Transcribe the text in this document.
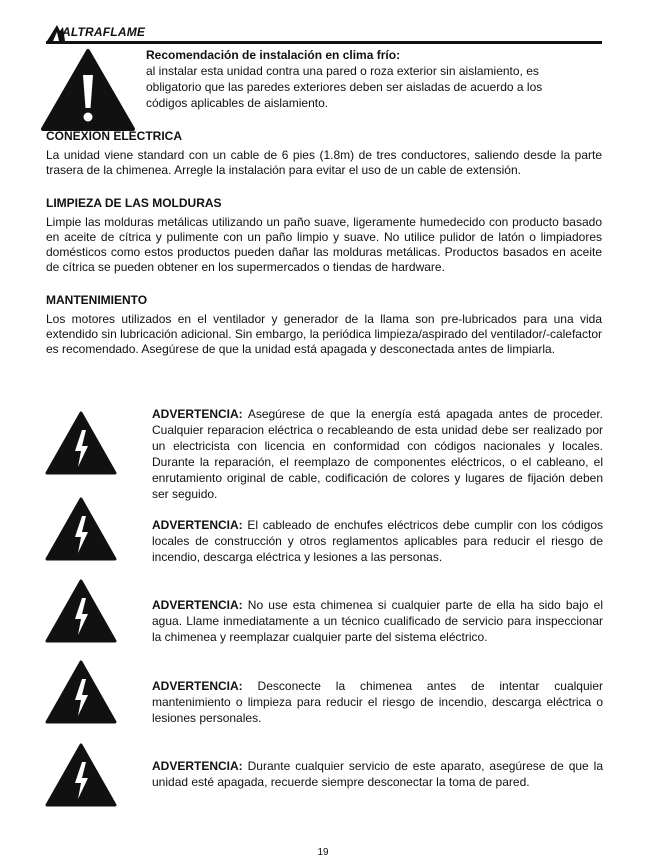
ALTRAFLAME
Recomendación de instalación en clima frío:
al instalar esta unidad contra una pared o roza exterior sin aislamiento, es obligatorio que las paredes exteriores deben ser aisladas de acuerdo a los códigos aplicables de aislamiento.
CONEXIÓN ELÉCTRICA

La unidad viene standard con un cable de 6 pies (1.8m) de tres conductores, saliendo desde la parte trasera de la chimenea. Arregle la instalación para evitar el uso de un cable de extensión.

LIMPIEZA DE LAS MOLDURAS

Limpie las molduras metálicas utilizando un paño suave, ligeramente humedecido con producto basado en aceite de cítrica y pulimente con un paño limpio y suave. No utilice pulidor de latón o limpiadores domésticos como estos productos pueden dañar las molduras metálicas. Productos basados en aceite de cítrica se pueden obtener en los supermercados o tiendas de hardware.

MANTENIMIENTO

Los motores utilizados en el ventilador y generador de la llama son pre-lubricados para una vida extendido sin lubricación adicional. Sin embargo, la periódica limpieza/aspirado del ventilador/-calefactor es recomendado. Asegúrese de que la unidad está apagada y desconectada antes de limpiarla.

ADVERTENCIA: Asegúrese de que la energía está apagada antes de proceder. Cualquier reparacion eléctrica o recableando de esta unidad debe ser realizado por un electricista con licencia en conformidad con códigos nacionales y locales. Durante la reparación, el reemplazo de componentes eléctricos, o el cableano, el enrutamiento original de cable, codificación de colores y lugares de fijación deben ser seguido.
ADVERTENCIA: El cableado de enchufes eléctricos debe cumplir con los códigos locales de construcción y otros reglamentos aplicables para reducir el riesgo de incendio, descarga eléctrica y lesiones a las personas.
ADVERTENCIA: No use esta chimenea si cualquier parte de ella ha sido bajo el agua. Llame inmediatamente a un técnico cualificado de servicio para inspeccionar la chimenea y reemplazar cualquier parte del sistema eléctrico.
ADVERTENCIA: Desconecte la chimenea antes de intentar cualquier mantenimiento o limpieza para reducir el riesgo de incendio, descarga eléctrica o lesiones personales.
ADVERTENCIA: Durante cualquier servicio de este aparato, asegúrese de que la unidad esté apagada, recuerde siempre desconectar la toma de pared.
19
